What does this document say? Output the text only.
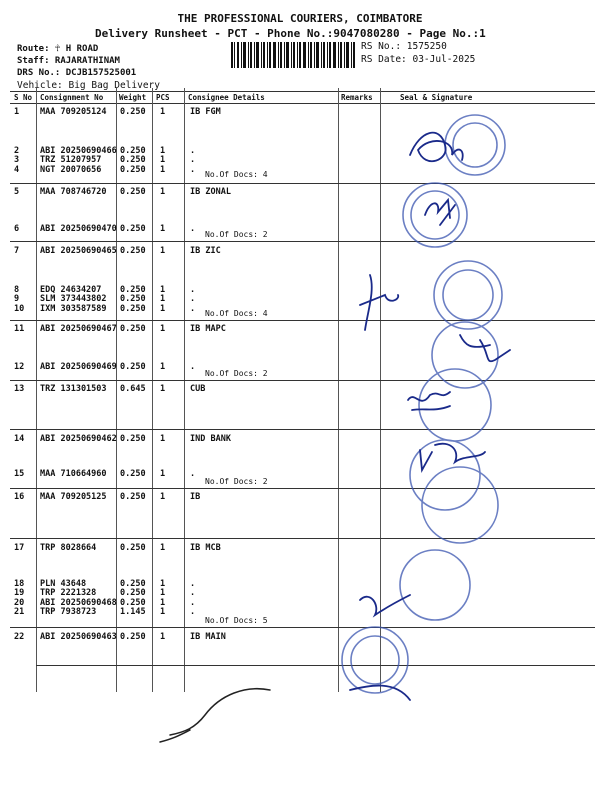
THE PROFESSIONAL COURIERS, COIMBATORE
Delivery Runsheet - PCT - Phone No.:9047080280 - Page No.:1
Route: ☥ H ROAD
Staff: RAJARATHINAM
DRS No.: DCJB157525001
Vehicle: Big Bag Delivery
RS No.: 1575250
RS Date: 03-Jul-2025
S No Consignment No Weight PCS Consignee Details	Remarks	Seal & Signature
1 MAA 709205124 0.250 1	IB FGM
2 ABI 20250690466 0.250 1	.
3 TRZ 51207957 0.250 1	.
4 NGT 20070656 0.250 1	.
5 MAA 708746720 0.250 1	IB ZONAL
6 ABI 20250690470 0.250 1	.
7 ABI 20250690465 0.250 1	IB ZIC
8 EDQ 24634207 0.250 1	.
9 SLM 373443802 0.250 1	.
10 IXM 303587589 0.250 1	.
11 ABI 20250690467 0.250 1	IB MAPC
12 ABI 20250690469 0.250 1	.
13 TRZ 131301503 0.645 1	CUB
14 ABI 20250690462 0.250 1	IND BANK
15 MAA 710664960 0.250 1	.
16 MAA 709205125 0.250 1	IB
17 TRP 8028664	0.250 1	IB MCB
18 PLN 43648	0.250 1	.
19 TRP 2221328	0.250 1	.
20 ABI 20250690468 0.250 1	.
21 TRP 7938723	1.145 1	.
22 ABI 20250690463 0.250 1	IB MAIN
No.Of Docs: 4
No.Of Docs: 2
No.Of Docs: 4
No.Of Docs: 2
No.Of Docs: 2
No.Of Docs: 5
